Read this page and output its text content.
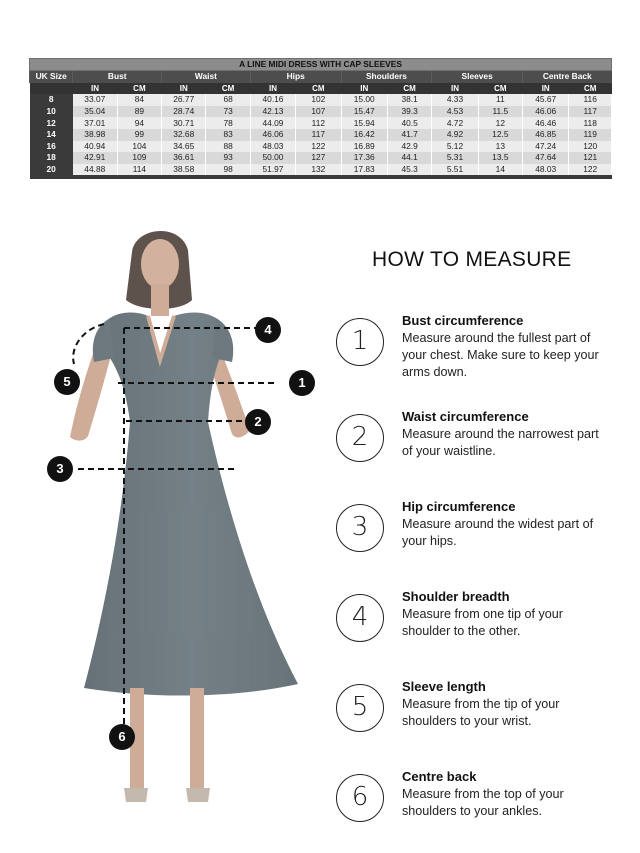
A LINE MIDI DRESS WITH CAP SLEEVES												
UK Size	Bust		Waist		Hips		Shoulders		Sleeves		Centre Back	
	IN	CM	IN	CM	IN	CM	IN	CM	IN	CM	IN	CM
8	33.07	84	26.77	68	40.16	102	15.00	38.1	4.33	11	45.67	116
10	35.04	89	28.74	73	42.13	107	15.47	39.3	4.53	11.5	46.06	117
12	37.01	94	30.71	78	44.09	112	15.94	40.5	4.72	12	46.46	118
14	38.98	99	32.68	83	46.06	117	16.42	41.7	4.92	12.5	46.85	119
16	40.94	104	34.65	88	48.03	122	16.89	42.9	5.12	13	47.24	120
18	42.91	109	36.61	93	50.00	127	17.36	44.1	5.31	13.5	47.64	121
20	44.88	114	38.58	98	51.97	132	17.83	45.3	5.51	14	48.03	122

4
5	1
2
3
6
HOW TO MEASURE
1
Bust circumference
Measure around the fullest part of your chest. Make sure to keep your arms down.
2
Waist circumference
Measure around the narrowest part of your waistline.
3
Hip circumference
Measure around the widest part of your hips.
4
Shoulder breadth
Measure from one tip of your shoulder to the other.
5
Sleeve length
Measure from the tip of your shoulders to your wrist.
6
Centre back
Measure from the top of your shoulders to your ankles.
